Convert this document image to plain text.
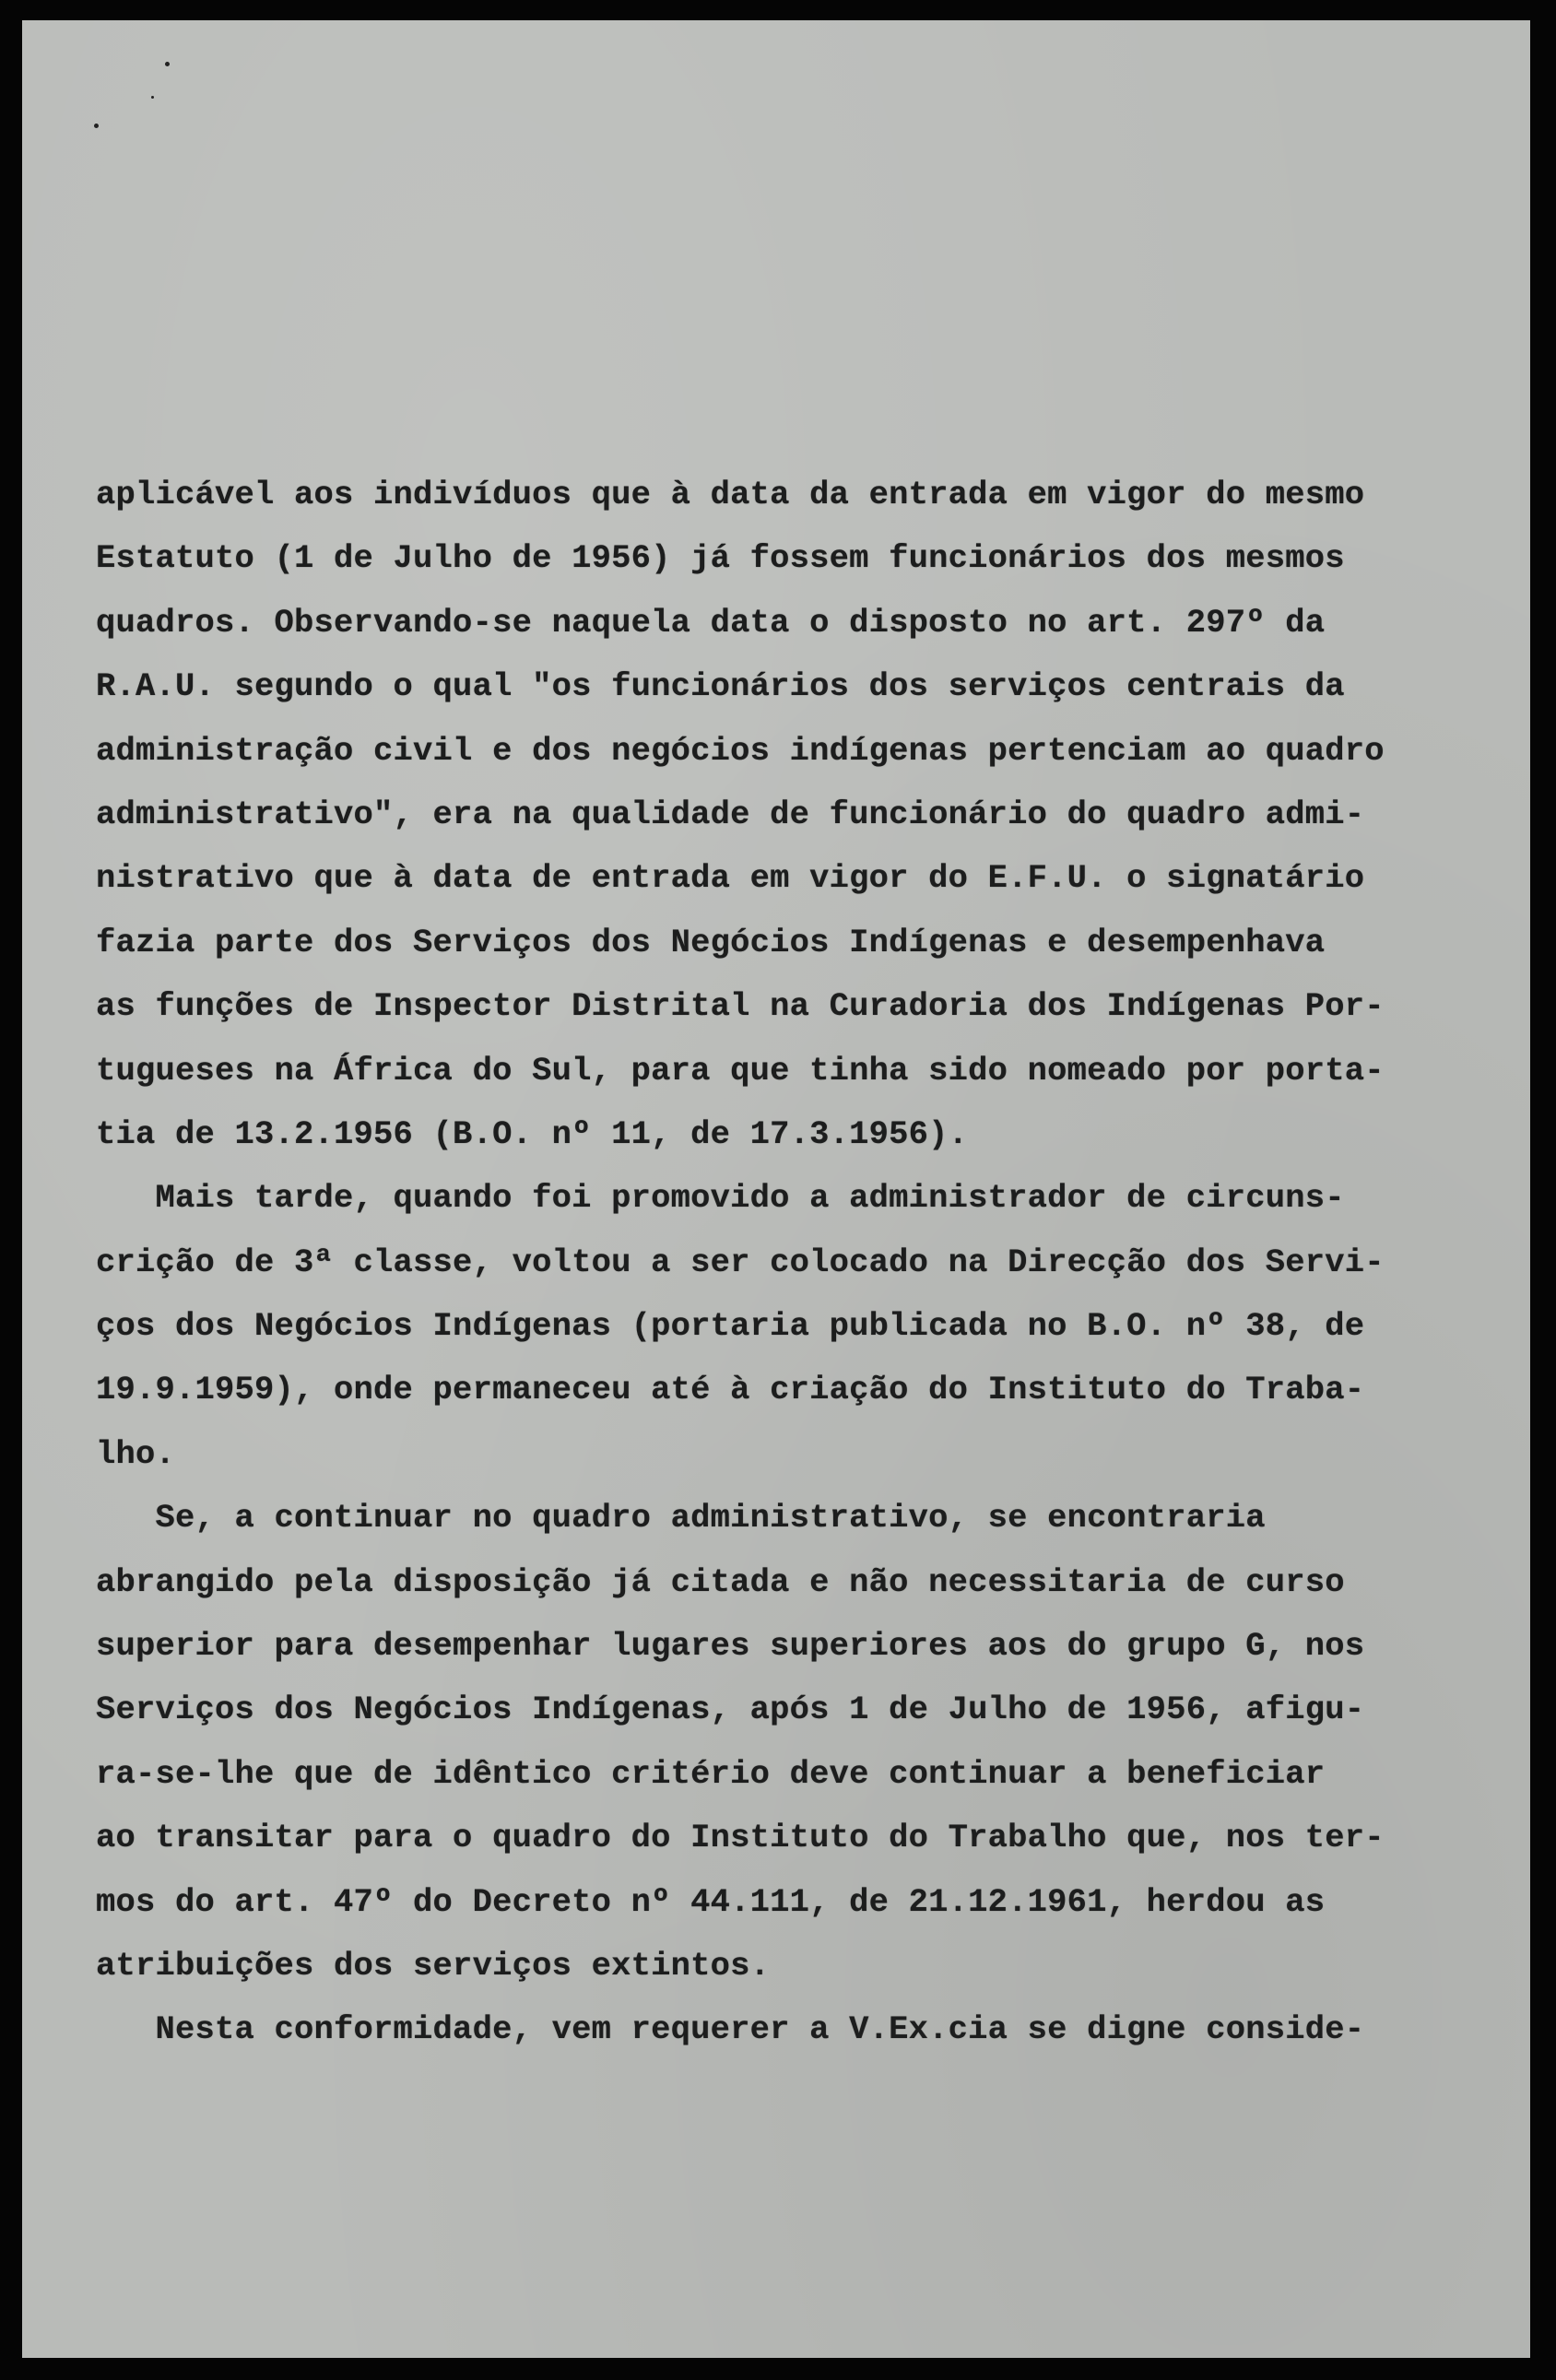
aplicável aos indivíduos que à data da entrada em vigor do mesmo
Estatuto (1 de Julho de 1956) já fossem funcionários dos mesmos
quadros. Observando-se naquela data o disposto no art. 297º da
R.A.U. segundo o qual "os funcionários dos serviços centrais da
administração civil e dos negócios indígenas pertenciam ao quadro
administrativo", era na qualidade de funcionário do quadro admi-
nistrativo que à data de entrada em vigor do E.F.U. o signatário
fazia parte dos Serviços dos Negócios Indígenas e desempenhava
as funções de Inspector Distrital na Curadoria dos Indígenas Por-
tugueses na África do Sul, para que tinha sido nomeado por porta-
tia de 13.2.1956 (B.O. nº 11, de 17.3.1956).
Mais tarde, quando foi promovido a administrador de circuns-
crição de 3ª classe, voltou a ser colocado na Direcção dos Servi-
ços dos Negócios Indígenas (portaria publicada no B.O. nº 38, de
19.9.1959), onde permaneceu até à criação do Instituto do Traba-
lho.
Se, a continuar no quadro administrativo, se encontraria
abrangido pela disposição já citada e não necessitaria de curso
superior para desempenhar lugares superiores aos do grupo G, nos
Serviços dos Negócios Indígenas, após 1 de Julho de 1956, afigu-
ra-se-lhe que de idêntico critério deve continuar a beneficiar
ao transitar para o quadro do Instituto do Trabalho que, nos ter-
mos do art. 47º do Decreto nº 44.111, de 21.12.1961, herdou as
atribuições dos serviços extintos.
Nesta conformidade, vem requerer a V.Ex.cia se digne conside-
